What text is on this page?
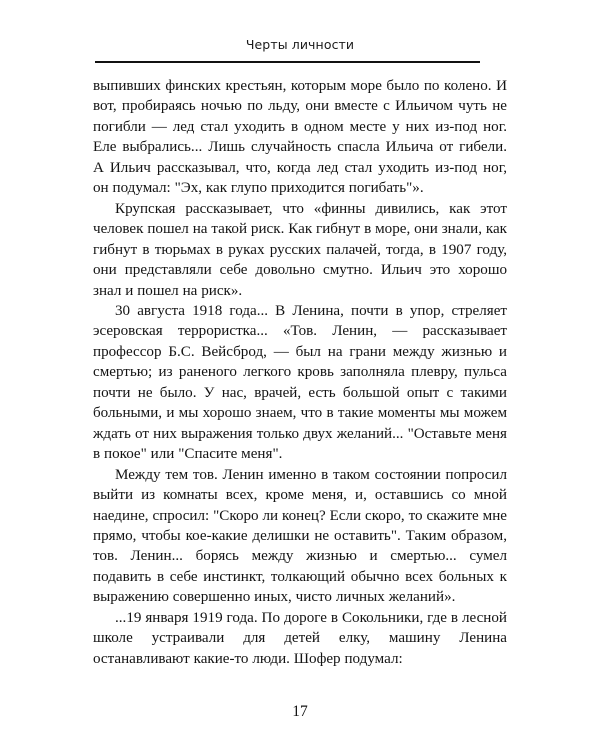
Черты личности

выпивших финских крестьян, которым море было по колено. И вот, пробираясь ночью по льду, они вместе с Ильичом чуть не погибли — лед стал уходить в одном месте у них из-под ног. Еле выбрались... Лишь случайность спасла Ильича от гибели. А Ильич рассказывал, что, когда лед стал уходить из-под ног, он подумал: "Эх, как глупо приходится погибать"».

Крупская рассказывает, что «финны дивились, как этот человек пошел на такой риск. Как гибнут в море, они знали, как гибнут в тюрьмах в руках русских палачей, тогда, в 1907 году, они представляли себе довольно смутно. Ильич это хорошо знал и пошел на риск».

30 августа 1918 года... В Ленина, почти в упор, стреляет эсеровская террористка... «Тов. Ленин, — рассказывает профессор Б.С. Вейсброд, — был на грани между жизнью и смертью; из раненого легкого кровь заполняла плевру, пульса почти не было. У нас, врачей, есть большой опыт с такими больными, и мы хорошо знаем, что в такие моменты мы можем ждать от них выражения только двух желаний... "Оставьте меня в покое" или "Спасите меня".

Между тем тов. Ленин именно в таком состоянии попросил выйти из комнаты всех, кроме меня, и, оставшись со мной наедине, спросил: "Скоро ли конец? Если скоро, то скажите мне прямо, чтобы кое-какие делишки не оставить". Таким образом, тов. Ленин... борясь между жизнью и смертью... сумел подавить в себе инстинкт, толкающий обычно всех больных к выражению совершенно иных, чисто личных желаний».

...19 января 1919 года. По дороге в Сокольники, где в лесной школе устраивали для детей елку, машину Ленина останавливают какие-то люди. Шофер подумал:

17
